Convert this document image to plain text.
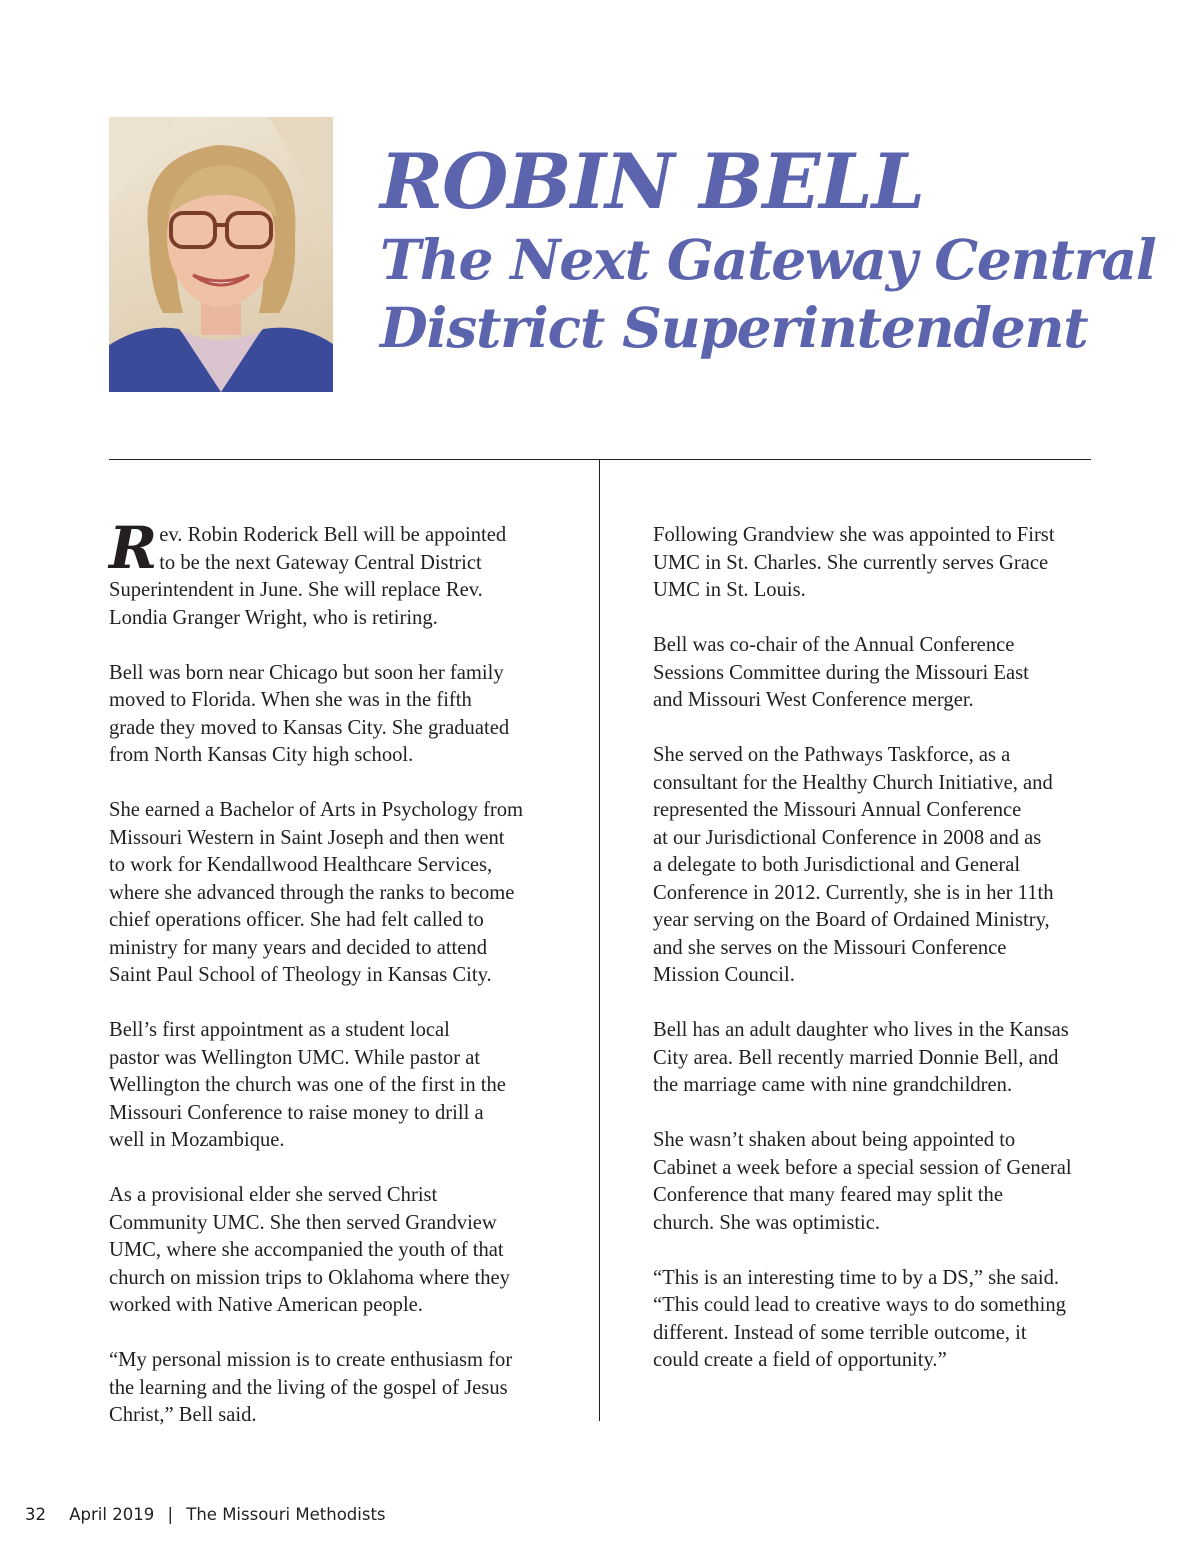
ROBIN BELL
The Next Gateway Central
District Superintendent

R ev. Robin Roderick Bell will be appointed
to be the next Gateway Central District
Superintendent in June. She will replace Rev.
Londia Granger Wright, who is retiring.

Bell was born near Chicago but soon her family
moved to Florida. When she was in the fifth
grade they moved to Kansas City. She graduated
from North Kansas City high school.

She earned a Bachelor of Arts in Psychology from
Missouri Western in Saint Joseph and then went
to work for Kendallwood Healthcare Services,
where she advanced through the ranks to become
chief operations officer. She had felt called to
ministry for many years and decided to attend
Saint Paul School of Theology in Kansas City.

Bell’s first appointment as a student local
pastor was Wellington UMC. While pastor at
Wellington the church was one of the first in the
Missouri Conference to raise money to drill a
well in Mozambique.

As a provisional elder she served Christ
Community UMC. She then served Grandview
UMC, where she accompanied the youth of that
church on mission trips to Oklahoma where they
worked with Native American people.

“My personal mission is to create enthusiasm for
the learning and the living of the gospel of Jesus
Christ,” Bell said.

Following Grandview she was appointed to First
UMC in St. Charles. She currently serves Grace
UMC in St. Louis.

Bell was co-chair of the Annual Conference
Sessions Committee during the Missouri East
and Missouri West Conference merger.

She served on the Pathways Taskforce, as a
consultant for the Healthy Church Initiative, and
represented the Missouri Annual Conference
at our Jurisdictional Conference in 2008 and as
a delegate to both Jurisdictional and General
Conference in 2012. Currently, she is in her 11th
year serving on the Board of Ordained Ministry,
and she serves on the Missouri Conference
Mission Council.

Bell has an adult daughter who lives in the Kansas
City area. Bell recently married Donnie Bell, and
the marriage came with nine grandchildren.

She wasn’t shaken about being appointed to
Cabinet a week before a special session of General
Conference that many feared may split the
church. She was optimistic.

“This is an interesting time to by a DS,” she said.
“This could lead to creative ways to do something
different. Instead of some terrible outcome, it
could create a field of opportunity.”

32 April 2019 | The Missouri Methodists
